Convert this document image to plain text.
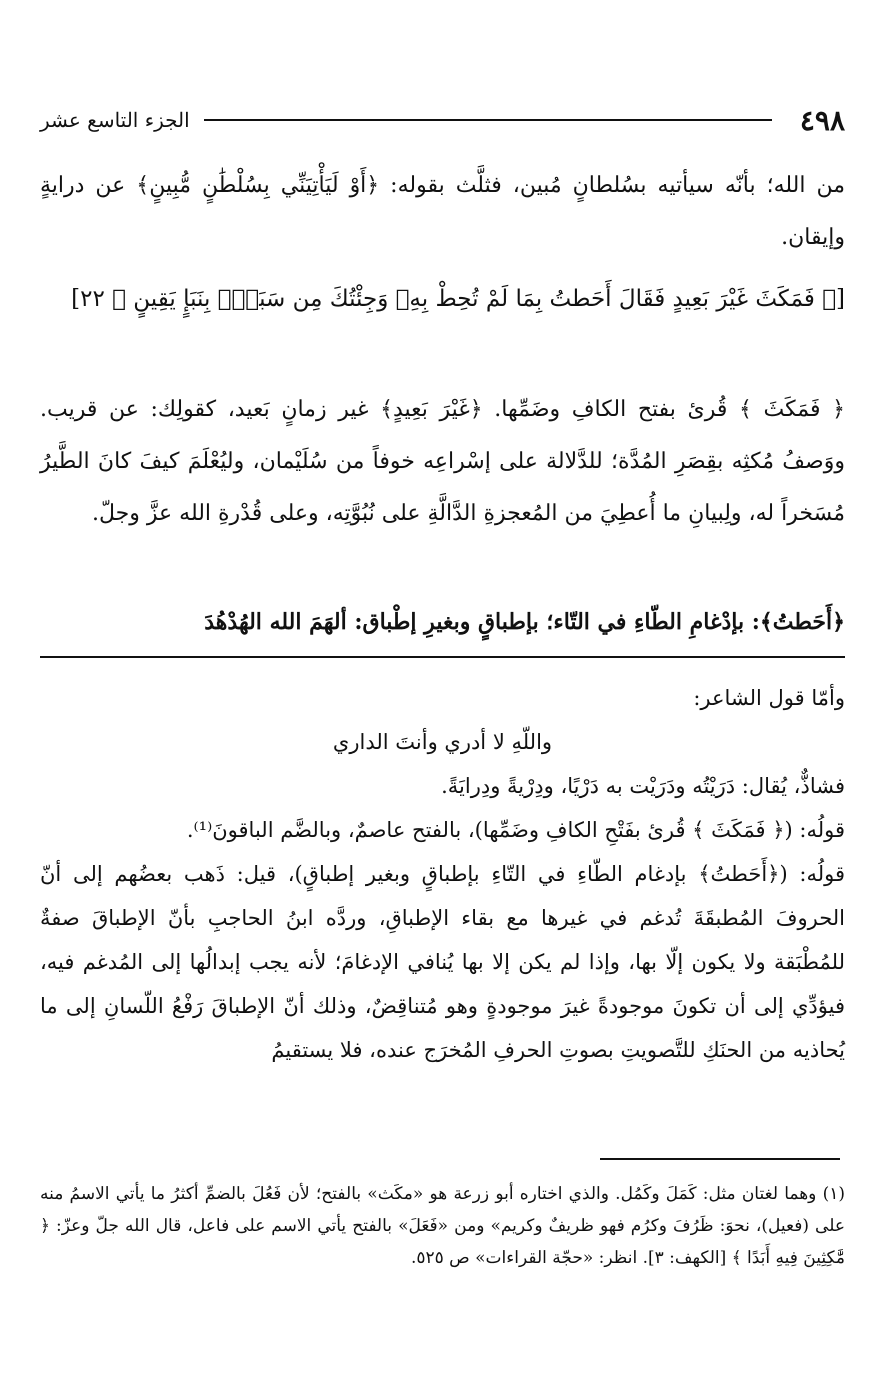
٤٩٨
الجزء التاسع عشر

من الله؛ بأنّه سيأتيه بسُلطانٍ مُبين، فثلَّث بقوله: ﴿أَوْ لَيَأْتِيَنِّي بِسُلْطَٰنٍ مُّبِينٍ﴾ عن درايةٍ وإيقان.

[﴿ فَمَكَثَ غَيْرَ بَعِيدٍ فَقَالَ أَحَطتُ بِمَا لَمْ تُحِطْ بِهِۦ وَجِئْتُكَ مِن سَبَإٍۭ بِنَبَإٍ يَقِينٍ ﴾ ٢٢]

﴿ فَمَكَثَ ﴾ قُرئ بفتح الكافِ وضَمِّها. ﴿غَيْرَ بَعِيدٍ﴾ غير زمانٍ بَعيد، كقولِك: عن قريب. ووَصفُ مُكثِه بقِصَرِ المُدَّة؛ للدَّلالة على إسْراعِه خوفاً من سُلَيْمان، وليُعْلَمَ كيفَ كانَ الطَّيرُ مُسَخراً له، ولِبيانِ ما أُعطِيَ من المُعجزةِ الدَّالَّةِ على نُبُوَّتِه، وعلى قُدْرةِ الله عزَّ وجلّ.

﴿أَحَطتُ﴾: بإدْغامِ الطّاءِ في التّاء؛ بإطباقٍ وبغيرِ إطْباق: ألهَمَ الله الهُدْهُدَ

وأمّا قول الشاعر:

واللّهِ لا أدري وأنتَ الداري

فشاذٌّ، يُقال: دَرَيْتُه ودَرَيْت به دَرْيًا، ودِرْيةً ودِرايَةً.

قولُه: (﴿ فَمَكَثَ ﴾ قُرئ بفَتْحِ الكافِ وضَمِّها)، بالفتح عاصمٌ، وبالضَّم الباقونَ⁽¹⁾.

قولُه: (﴿أَحَطتُ﴾ بإدغام الطّاءِ في التّاءِ بإطباقٍ وبغير إطباقٍ)، قيل: ذَهب بعضُهم إلى أنّ الحروفَ المُطبقَةَ تُدغم في غيرها مع بقاء الإطباقِ، وردَّه ابنُ الحاجبِ بأنّ الإطباقَ صفةٌ للمُطْبَقة ولا يكون إلّا بها، وإذا لم يكن إلا بها يُنافي الإدغامَ؛ لأنه يجب إبدالُها إلى المُدغم فيه، فيؤدِّي إلى أن تكونَ موجودةً غيرَ موجودةٍ وهو مُتناقِضٌ، وذلك أنّ الإطباقَ رَفْعُ اللّسانِ إلى ما يُحاذيه من الحنَكِ للتَّصويتِ بصوتِ الحرفِ المُخرَج عنده، فلا يستقيمُ

(١) وهما لغتان مثل: كَمَلَ وكَمُل. والذي اختاره أبو زرعة هو «مكَث» بالفتح؛ لأن فَعُلَ بالضمِّ أكثرُ ما يأتي الاسمُ منه على (فعيل)، نحوَ: ظَرُفَ وكرُم فهو ظريفٌ وكريم» ومن «فَعَلَ» بالفتح يأتي الاسم على فاعل، قال الله جلّ وعزّ: ﴿ مَّٰكِثِينَ فِيهِ أَبَدًا ﴾ [الكهف: ٣]. انظر: «حجّة القراءات» ص ٥٢٥.
